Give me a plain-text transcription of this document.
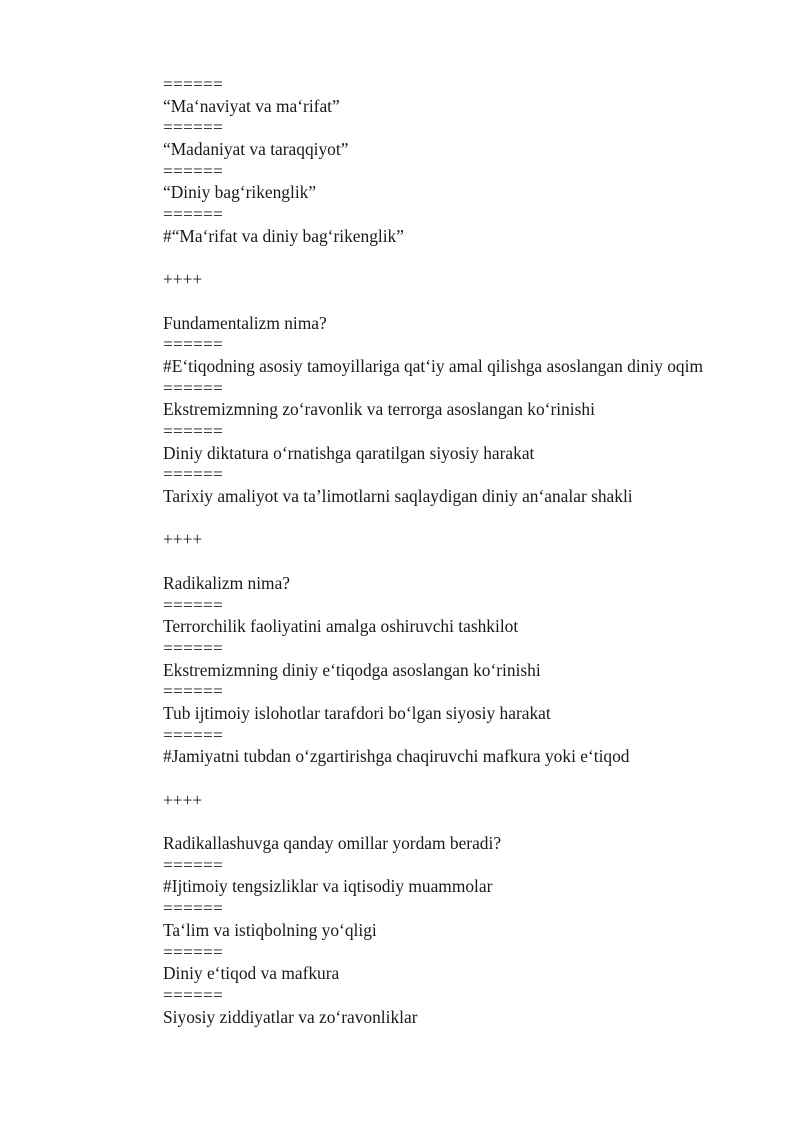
======
“Ma‘naviyat va ma‘rifat”
======
“Madaniyat va taraqqiyot”
======
“Diniy bag‘rikenglik”
======
#“Ma‘rifat va diniy bag‘rikenglik”
++++
Fundamentalizm nima?
======
#E‘tiqodning asosiy tamoyillariga qat‘iy amal qilishga asoslangan diniy oqim
======
Ekstremizmning zo‘ravonlik va terrorga asoslangan ko‘rinishi
======
Diniy diktatura o‘rnatishga qaratilgan siyosiy harakat
======
Tarixiy amaliyot va ta’limotlarni saqlaydigan diniy an‘analar shakli
++++
Radikalizm nima?
======
Terrorchilik faoliyatini amalga oshiruvchi tashkilot
======
Ekstremizmning diniy e‘tiqodga asoslangan ko‘rinishi
======
Tub ijtimoiy islohotlar tarafdori bo‘lgan siyosiy harakat
======
#Jamiyatni tubdan o‘zgartirishga chaqiruvchi mafkura yoki e‘tiqod
++++
Radikallashuvga qanday omillar yordam beradi?
======
#Ijtimoiy tengsizliklar va iqtisodiy muammolar
======
Ta‘lim va istiqbolning yo‘qligi
======
Diniy e‘tiqod va mafkura
======
Siyosiy ziddiyatlar va zo‘ravonliklar
